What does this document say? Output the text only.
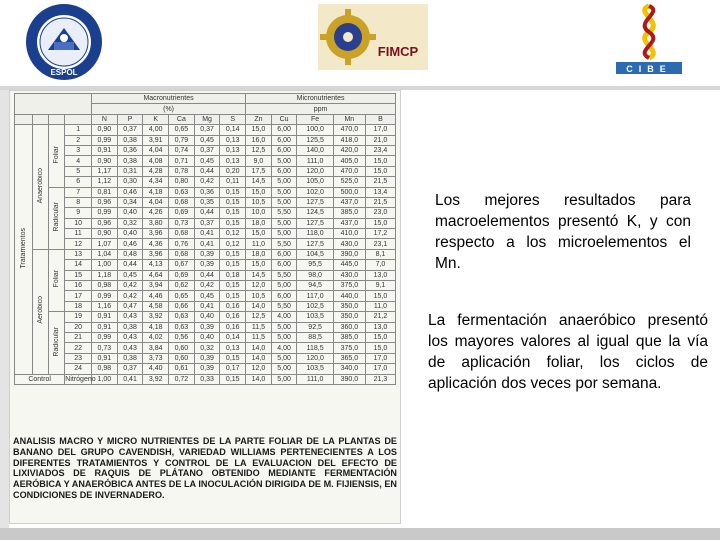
ESPOL
FIMCP
CIBE
				Macronutrientes						Micronutrientes				
				(%)						ppm				
				N	P	K	Ca	Mg	S	Zn	Cu	Fe	Mn	B
Tratamientos	Anaeróbico	Foliar	1	0,90	0,37	4,00	0,65	0,37	0,14	15,0	6,00	100,0	470,0	17,0
			2	0,99	0,38	3,91	0,79	0,45	0,13	16,0	6,00	125,5	418,0	21,0
			3	0,91	0,36	4,04	0,74	0,37	0,13	12,5	6,00	140,0	420,0	23,4
			4	0,90	0,38	4,08	0,71	0,45	0,13	9,0	5,00	111,0	405,0	15,0
			5	1,17	0,31	4,28	0,78	0,44	0,20	17,5	6,00	120,0	470,0	15,0
			6	1,12	0,30	4,34	0,80	0,42	0,11	14,5	5,00	105,0	525,0	21,5
		Radicular	7	0,81	0,46	4,18	0,63	0,36	0,15	15,0	5,00	102,0	500,0	13,4
			8	0,96	0,34	4,04	0,68	0,35	0,15	10,5	5,00	127,5	437,0	21,5
			9	0,99	0,40	4,26	0,69	0,44	0,15	10,0	5,50	124,5	385,0	23,0
			10	0,96	0,32	3,80	0,73	0,37	0,15	18,0	5,00	127,5	437,0	15,0
			11	0,90	0,40	3,96	0,68	0,41	0,12	15,0	5,00	118,0	410,0	17,2
			12	1,07	0,46	4,36	0,76	0,41	0,12	11,0	5,50	127,5	430,0	23,1
	Aeróbico	Foliar	13	1,04	0,48	3,96	0,68	0,39	0,15	18,0	6,00	104,5	390,0	8,1
			14	1,00	0,44	4,13	0,67	0,39	0,15	15,0	6,00	95,5	445,0	7,0
			15	1,18	0,45	4,64	0,69	0,44	0,18	14,5	5,50	98,0	430,0	13,0
			16	0,98	0,42	3,94	0,62	0,42	0,15	12,0	5,00	94,5	375,0	9,1
			17	0,99	0,42	4,46	0,65	0,45	0,15	10,5	6,00	117,0	440,0	15,0
			18	1,16	0,47	4,58	0,66	0,41	0,16	14,0	5,50	102,5	350,0	11,0
		Radicular	19	0,91	0,43	3,92	0,63	0,40	0,16	12,5	4,00	103,5	350,0	21,2
			20	0,91	0,38	4,18	0,63	0,39	0,16	11,5	5,00	92,5	360,0	13,0
			21	0,99	0,43	4,02	0,56	0,40	0,14	11,5	5,00	88,5	385,0	15,0
			22	0,73	0,43	3,84	0,60	0,32	0,13	14,0	4,00	118,5	375,0	15,0
			23	0,91	0,38	3,73	0,60	0,39	0,15	14,0	5,00	120,0	365,0	17,0
			24	0,98	0,37	4,40	0,61	0,39	0,17	12,0	5,00	103,5	340,0	17,0
Control			Nitrógeno	1,00	0,41	3,92	0,72	0,33	0,15	14,0	5,00	111,0	390,0	21,3
ANALISIS MACRO Y MICRO NUTRIENTES DE LA PARTE FOLIAR DE LA PLANTAS DE BANANO DEL GRUPO CAVENDISH, VARIEDAD WILLIAMS PERTENECIENTES A LOS DIFERENTES TRATAMIENTOS Y CONTROL DE LA EVALUACION DEL EFECTO DE LIXIVIADOS DE RAQUIS DE PLÁTANO OBTENIDO MEDIANTE FERMENTACIÓN AERÓBICA Y ANAERÓBICA ANTES DE LA INOCULACIÓN DIRIGIDA DE M. FIJIENSIS, EN CONDICIONES DE INVERNADERO.
Los mejores resultados para macroelementos presentó K, y con respecto a los microelementos el Mn.
La fermentación anaeróbico presentó los mayores valores al igual que la vía de aplicación foliar, los ciclos de aplicación dos veces por semana.
